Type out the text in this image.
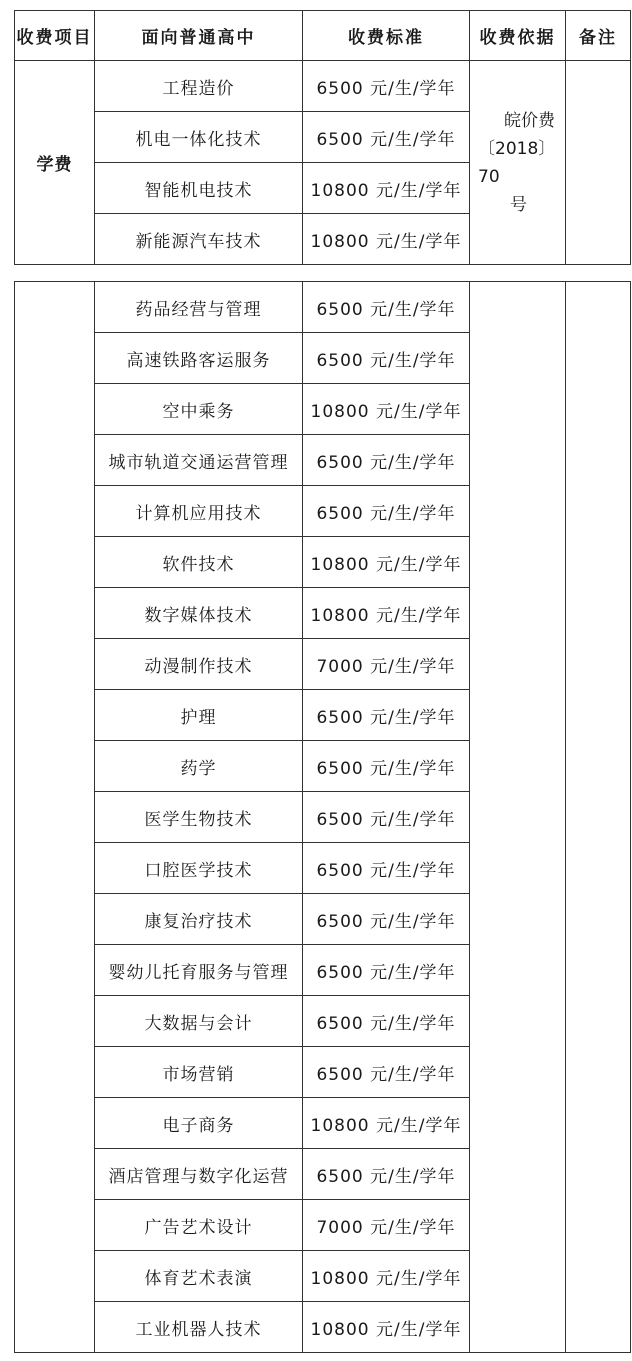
收费项目	面向普通高中	收费标准	收费依据	备注
学费	工程造价	6500 元/生/学年	皖价费
〔2018〕70
号	

	机电一体化技术	6500 元/生/学年		
	智能机电技术	10800 元/生/学年		
	新能源汽车技术	10800 元/生/学年		
	药品经营与管理	6500 元/生/学年		
	高速铁路客运服务	6500 元/生/学年		
	空中乘务	10800 元/生/学年		
	城市轨道交通运营管理	6500 元/生/学年		
	计算机应用技术	6500 元/生/学年		
	软件技术	10800 元/生/学年		
	数字媒体技术	10800 元/生/学年		
	动漫制作技术	7000 元/生/学年		
	护理	6500 元/生/学年		
	药学	6500 元/生/学年		
	医学生物技术	6500 元/生/学年		
	口腔医学技术	6500 元/生/学年		
	康复治疗技术	6500 元/生/学年		
	婴幼儿托育服务与管理	6500 元/生/学年		
	大数据与会计	6500 元/生/学年		
	市场营销	6500 元/生/学年		
	电子商务	10800 元/生/学年		
	酒店管理与数字化运营	6500 元/生/学年		
	广告艺术设计	7000 元/生/学年		
	体育艺术表演	10800 元/生/学年		
	工业机器人技术	10800 元/生/学年		
